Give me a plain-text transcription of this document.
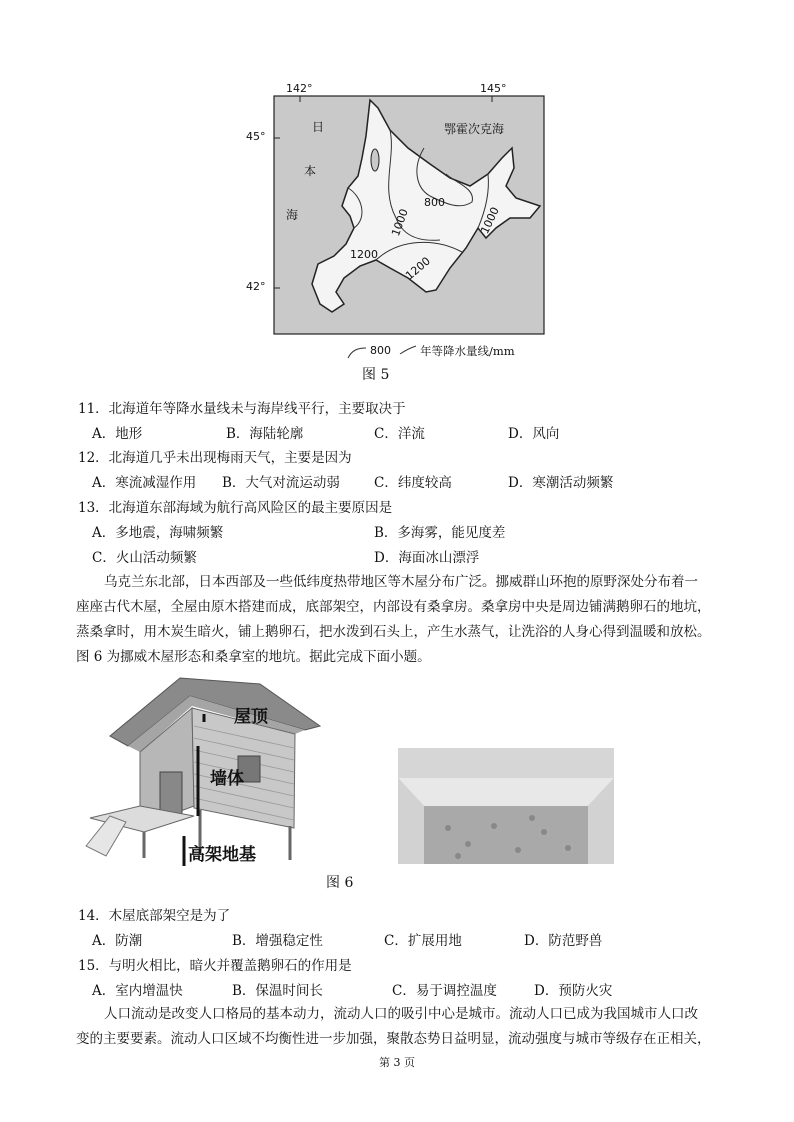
142°	145°
45°
42°
日
本
海
鄂霍次克海
800
1000	1000
1200
1200
800	年等降水量线/mm
图 5
11．北海道年等降水量线未与海岸线平行，主要取决于
A．地形	B．海陆轮廓	C．洋流	D．风向
12．北海道几乎未出现梅雨天气，主要是因为
A．寒流减湿作用 B．大气对流运动弱	C．纬度较高	D．寒潮活动频繁
13．北海道东部海域为航行高风险区的最主要原因是
A．多地震，海啸频繁	B．多海雾，能见度差
C．火山活动频繁	D．海面冰山漂浮
乌克兰东北部，日本西部及一些低纬度热带地区等木屋分布广泛。挪威群山环抱的原野深处分布着一
座座古代木屋，全屋由原木搭建而成，底部架空，内部设有桑拿房。桑拿房中央是周边铺满鹅卵石的地坑，
蒸桑拿时，用木炭生暗火，铺上鹅卵石，把水泼到石头上，产生水蒸气，让洗浴的人身心得到温暖和放松。
图 6 为挪威木屋形态和桑拿室的地坑。据此完成下面小题。
屋顶
墙体
高架地基
图 6
14．木屋底部架空是为了
A．防潮	B．增强稳定性	C．扩展用地	D．防范野兽
15．与明火相比，暗火并覆盖鹅卵石的作用是
A．室内增温快	B．保温时间长	C．易于调控温度	D．预防火灾
人口流动是改变人口格局的基本动力，流动人口的吸引中心是城市。流动人口已成为我国城市人口改
变的主要要素。流动人口区域不均衡性进一步加强，聚散态势日益明显，流动强度与城市等级存在正相关，
第 3 页
